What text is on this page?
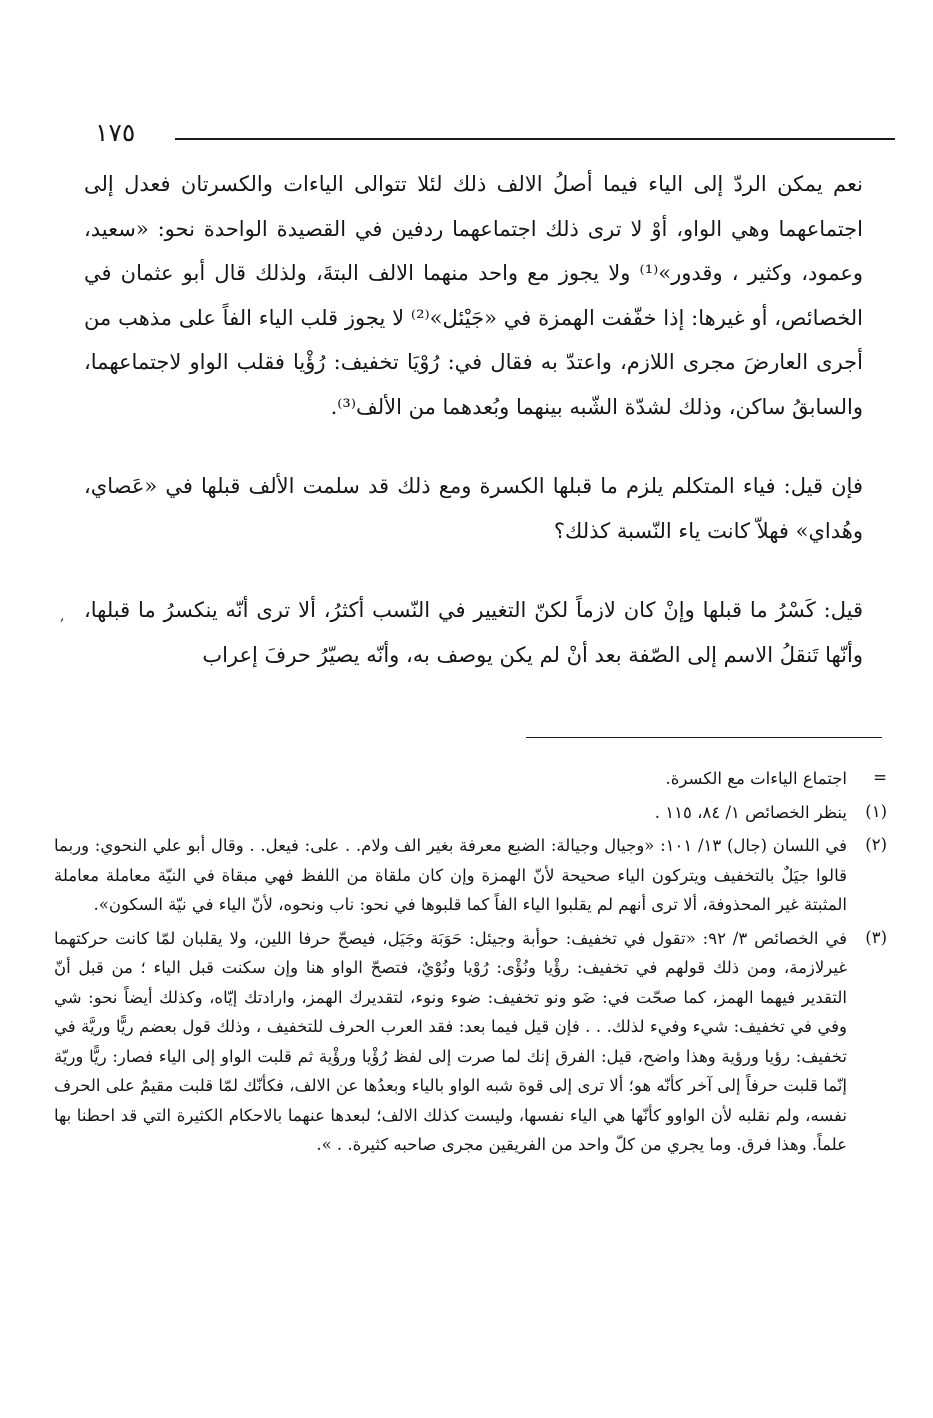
١٧٥

نعم يمكن الردّ إلى الياء فيما أصلُ الالف ذلك لئلا تتوالى الياءات والكسرتان فعدل إلى اجتماعهما وهي الواو، أوْ لا ترى ذلك اجتماعهما ردفين في القصيدة الواحدة نحو: «سعيد، وعمود، وكثير ، وقدور»⁽¹⁾ ولا يجوز مع واحد منهما الالف البتةَ، ولذلك قال أبو عثمان في الخصائص، أو غيرها: إذا خفّفت الهمزة في «جَيْئل»⁽²⁾ لا يجوز قلب الياء الفاً على مذهب من أجرى العارضَ مجرى اللازم، واعتدّ به فقال في: رُوْيَا تخفيف: رُؤْيا فقلب الواو لاجتماعهما، والسابقُ ساكن، وذلك لشدّة الشّبه بينهما وبُعدهما من الألف⁽³⁾.

فإن قيل: فياء المتكلم يلزم ما قبلها الكسرة ومع ذلك قد سلمت الألف قبلها في «عَصاي، وهُداي» فهلاّ كانت ياء النّسبة كذلك؟

قيل: كَسْرُ ما قبلها وإنْ كان لازماً لكنّ التغيير في النّسب أكثرُ، ألا ترى أنّه ينكسرُ ما قبلها، وأنّها تَنقلُ الاسم إلى الصّفة بعد أنْ لم يكن يوصف به، وأنّه يصيّرُ حرفَ إعراب

,
=

اجتماع الياءات مع الكسرة.

(١)

ينظر الخصائص ١/ ٨٤، ١١٥ .

(٢)

في اللسان (جال) ١٣/ ١٠١: «وجيال وجيالة: الضبع معرفة بغير الف ولام. . على: فيعل. . وقال أبو علي النحوي: وربما قالوا جيَلٌ بالتخفيف ويتركون الياء صحيحة لأنّ الهمزة وإن كان ملقاة من اللفظ فهي مبقاة في النيّة معاملة معاملة المثبتة غير المحذوفة، ألا ترى أنهم لم يقلبوا الياء الفاً كما قلبوها في نحو: ناب ونحوه، لأنّ الياء في نيّة السكون».

(٣)

في الخصائص ٣/ ٩٢: «تقول في تخفيف: حوأبة وجيئل: حَوَبَة وجَيَل، فيصحّ حرفا اللين، ولا يقلبان لمّا كانت حركتهما غيرلازمة، ومن ذلك قولهم في تخفيف: رؤْيا ونُؤْى: رُوْيا ونُوْيٌ، فتصحّ الواو هنا وإن سكنت قبل الياء ؛ من قبل أنّ التقدير فيهما الهمز، كما صحّت في: ضَو ونو تخفيف: ضوء ونوء، لتقديرك الهمز، وارادتك إيّاه، وكذلك أيضاً نحو: شي وفي في تخفيف: شيء وفيء لذلك. . . فإن قيل فيما بعد: فقد العرب الحرف للتخفيف ، وذلك قول بعضم ريًّا وريَّة في تخفيف: رؤيا ورؤية وهذا واضح، قيل: الفرق إنك لما صرت إلى لفظ رُؤْيا ورؤْية ثم قلبت الواو إلى الياء فصار: ريًّا وريّة إنّما قلبت حرفاً إلى آخر كأنّه هو؛ ألا ترى إلى قوة شبه الواو بالياء وبعدُها عن الالف، فكأنّك لمّا قلبت مقيمٌ على الحرف نفسه، ولم نقلبه لأن الواوو كأنّها هي الياء نفسها، وليست كذلك الالف؛ لبعدها عنهما بالاحكام الكثيرة التي قد احطنا بها علماً. وهذا فرق. وما يجري من كلّ واحد من الفريقين مجرى صاحبه كثيرة. . ».
